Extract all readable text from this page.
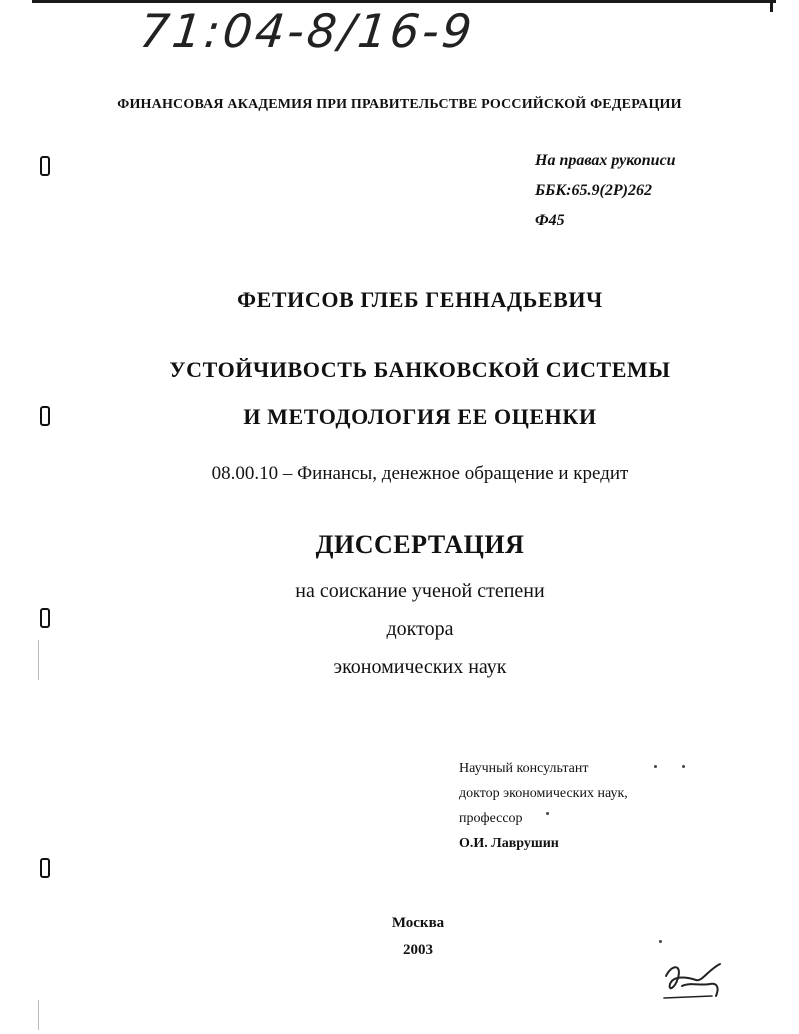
71:04-8/16-9
ФИНАНСОВАЯ АКАДЕМИЯ ПРИ ПРАВИТЕЛЬСТВЕ РОССИЙСКОЙ ФЕДЕРАЦИИ
На правах рукописи
ББК:65.9(2Р)262
Ф45
ФЕТИСОВ ГЛЕБ ГЕННАДЬЕВИЧ
УСТОЙЧИВОСТЬ БАНКОВСКОЙ СИСТЕМЫ
И МЕТОДОЛОГИЯ ЕЕ ОЦЕНКИ
08.00.10 – Финансы, денежное обращение и кредит
ДИССЕРТАЦИЯ
на соискание ученой степени
доктора
экономических наук
Научный консультант
доктор экономических наук,
профессор
О.И. Лаврушин
Москва
2003
